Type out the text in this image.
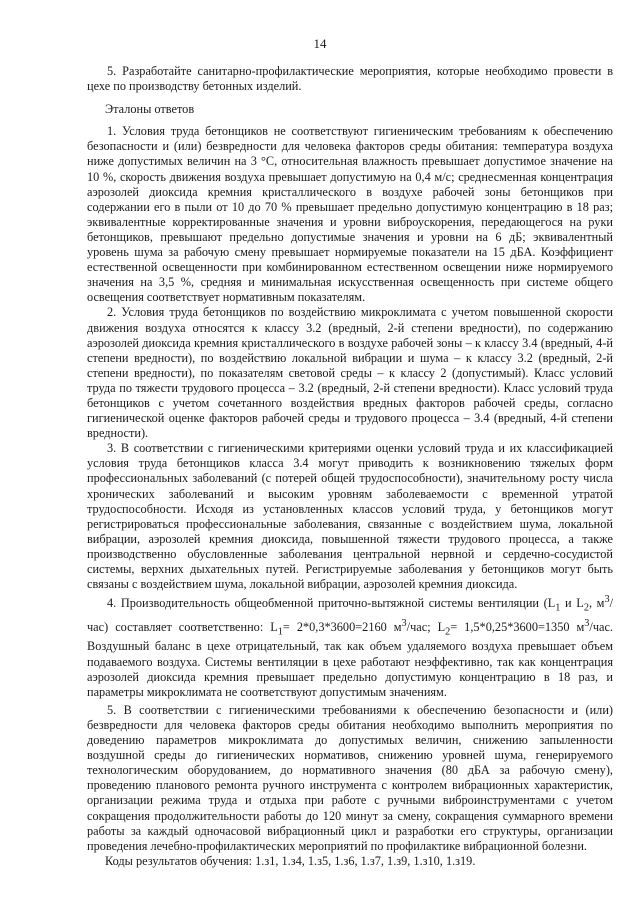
14

5. Разработайте санитарно-профилактические мероприятия, которые необходимо провести в цехе по производству бетонных изделий.

Эталоны ответов

1. Условия труда бетонщиков не соответствуют гигиеническим требованиям к обеспечению безопасности и (или) безвредности для человека факторов среды обитания: температура воздуха ниже допустимых величин на 3 °С, относительная влажность превышает допустимое значение на 10 %, скорость движения воздуха превышает допустимую на 0,4 м/с; среднесменная концентрация аэрозолей диоксида кремния кристаллического в воздухе рабочей зоны бетонщиков при содержании его в пыли от 10 до 70 % превышает предельно допустимую концентрацию в 18 раз; эквивалентные корректированные значения и уровни виброускорения, передающегося на руки бетонщиков, превышают предельно допустимые значения и уровни на 6 дБ; эквивалентный уровень шума за рабочую смену превышает нормируемые показатели на 15 дБА. Коэффициент естественной освещенности при комбинированном естественном освещении ниже нормируемого значения на 3,5 %, средняя и минимальная искусственная освещенность при системе общего освещения соответствует нормативным показателям.

2. Условия труда бетонщиков по воздействию микроклимата с учетом повышенной скорости движения воздуха относятся к классу 3.2 (вредный, 2-й степени вредности), по содержанию аэрозолей диоксида кремния кристаллического в воздухе рабочей зоны – к классу 3.4 (вредный, 4-й степени вредности), по воздействию локальной вибрации и шума – к классу 3.2 (вредный, 2-й степени вредности), по показателям световой среды – к классу 2 (допустимый). Класс условий труда по тяжести трудового процесса – 3.2 (вредный, 2-й степени вредности). Класс условий труда бетонщиков с учетом сочетанного воздействия вредных факторов рабочей среды, согласно гигиенической оценке факторов рабочей среды и трудового процесса – 3.4 (вредный, 4-й степени вредности).

3. В соответствии с гигиеническими критериями оценки условий труда и их классификацией условия труда бетонщиков класса 3.4 могут приводить к возникновению тяжелых форм профессиональных заболеваний (с потерей общей трудоспособности), значительному росту числа хронических заболеваний и высоким уровням заболеваемости с временной утратой трудоспособности. Исходя из установленных классов условий труда, у бетонщиков могут регистрироваться профессиональные заболевания, связанные с воздействием шума, локальной вибрации, аэрозолей кремния диоксида, повышенной тяжести трудового процесса, а также производственно обусловленные заболевания центральной нервной и сердечно-сосудистой системы, верхних дыхательных путей. Регистрируемые заболевания у бетонщиков могут быть связаны с воздействием шума, локальной вибрации, аэрозолей кремния диоксида.

4. Производительность общеобменной приточно-вытяжной системы вентиляции ($L_1$ и $L_2$, $м^3/час$) составляет соответственно: $L_1= 2*0,3*3600=2160$ $м^3$/час; $L_2= 1,5*0,25*3600=1350$ $м^3$/час. Воздушный баланс в цехе отрицательный, так как объем удаляемого воздуха превышает объем подаваемого воздуха. Системы вентиляции в цехе работают неэффективно, так как концентрация аэрозолей диоксида кремния превышает предельно допустимую концентрацию в 18 раз, и параметры микроклимата не соответствуют допустимым значениям.

5. В соответствии с гигиеническими требованиями к обеспечению безопасности и (или) безвредности для человека факторов среды обитания необходимо выполнить мероприятия по доведению параметров микроклимата до допустимых величин, снижению запыленности воздушной среды до гигиенических нормативов, снижению уровней шума, генерируемого технологическим оборудованием, до нормативного значения (80 дБА за рабочую смену), проведению планового ремонта ручного инструмента с контролем вибрационных характеристик, организации режима труда и отдыха при работе с ручными виброинструментами с учетом сокращения продолжительности работы до 120 минут за смену, сокращения суммарного времени работы за каждый одночасовой вибрационный цикл и разработки его структуры, организации проведения лечебно-профилактических мероприятий по профилактике вибрационной болезни.

Коды результатов обучения: 1.з1, 1.з4, 1.з5, 1.з6, 1.з7, 1.з9, 1.з10, 1.з19.
